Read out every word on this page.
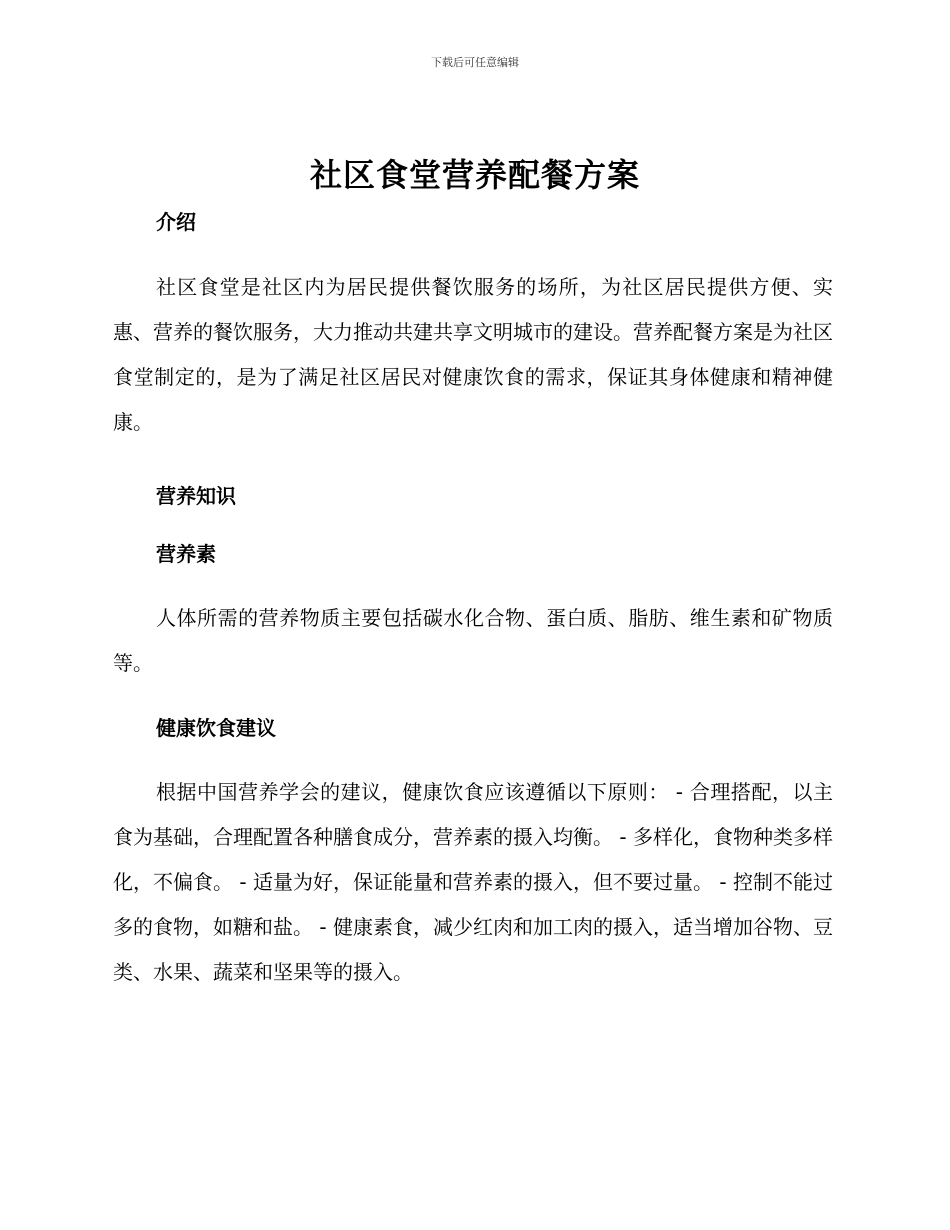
下载后可任意编辑
社区食堂营养配餐方案
介绍

社区食堂是社区内为居民提供餐饮服务的场所，为社区居民提供方便、实惠、营养的餐饮服务，大力推动共建共享文明城市的建设。营养配餐方案是为社区食堂制定的，是为了满足社区居民对健康饮食的需求，保证其身体健康和精神健康。

营养知识
营养素

人体所需的营养物质主要包括碳水化合物、蛋白质、脂肪、维生素和矿物质等。

健康饮食建议

根据中国营养学会的建议，健康饮食应该遵循以下原则： - 合理搭配，以主食为基础，合理配置各种膳食成分，营养素的摄入均衡。 - 多样化，食物种类多样化，不偏食。 - 适量为好，保证能量和营养素的摄入，但不要过量。 - 控制不能过多的食物，如糖和盐。 - 健康素食，减少红肉和加工肉的摄入，适当增加谷物、豆类、水果、蔬菜和坚果等的摄入。
